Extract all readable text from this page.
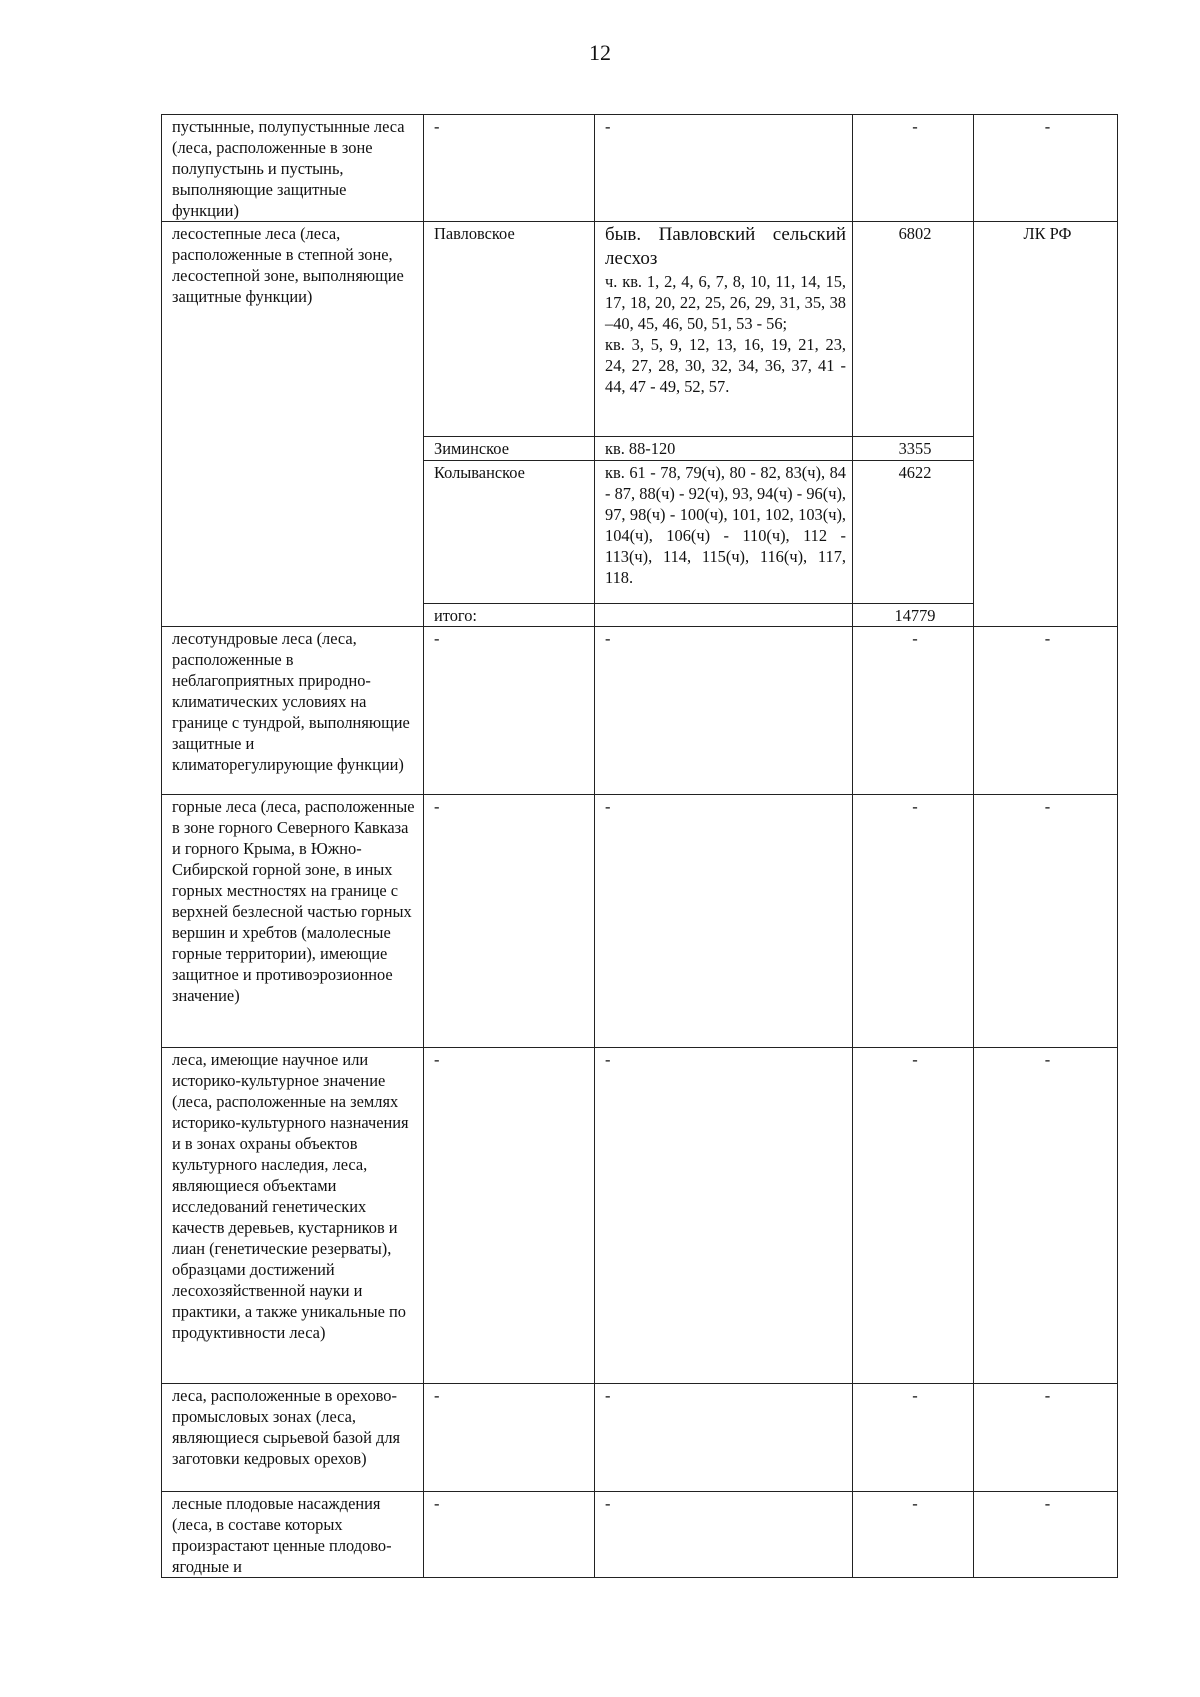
12
пустынные, полупустынные леса (леса, расположенные в зоне полупустынь и пустынь, выполняющие защитные функции)	-	-	-	-
лесостепные леса (леса, расположенные в степной зоне, лесостепной зоне, выполняющие защитные функции)	Павловское	быв. Павловский сельский лесхоз
ч. кв. 1, 2, 4, 6, 7, 8, 10, 11, 14, 15, 17, 18, 20, 22, 25, 26, 29, 31, 35, 38 –40, 45, 46, 50, 51, 53 - 56;
кв. 3, 5, 9, 12, 13, 16, 19, 21, 23, 24, 27, 28, 30, 32, 34, 36, 37, 41 - 44, 47 - 49, 52, 57.	6802	ЛК РФ
	Зиминское	кв. 88-120	3355	
	Колыванское	кв. 61 - 78, 79(ч), 80 - 82, 83(ч), 84 - 87, 88(ч) - 92(ч), 93, 94(ч) - 96(ч), 97, 98(ч) - 100(ч), 101, 102, 103(ч), 104(ч), 106(ч) - 110(ч), 112 - 113(ч), 114, 115(ч), 116(ч), 117, 118.	4622	
	итого:		14779	
лесотундровые леса (леса, расположенные в неблагоприятных природно-климатических условиях на границе с тундрой, выполняющие защитные и климаторегулирующие функции)	-	-	-	-
горные леса (леса, расположенные в зоне горного Северного Кавказа и горного Крыма, в Южно-Сибирской горной зоне, в иных горных местностях на границе с верхней безлесной частью горных вершин и хребтов (малолесные горные территории), имеющие защитное и противоэрозионное значение)	-	-	-	-
леса, имеющие научное или историко-культурное значение (леса, расположенные на землях историко-культурного назначения и в зонах охраны объектов культурного наследия, леса, являющиеся объектами исследований генетических качеств деревьев, кустарников и лиан (генетические резерваты), образцами достижений лесохозяйственной науки и практики, а также уникальные по продуктивности леса)	-	-	-	-
леса, расположенные в орехово-промысловых зонах (леса, являющиеся сырьевой базой для заготовки кедровых орехов)	-	-	-	-
лесные плодовые насаждения (леса, в составе которых произрастают ценные плодово-ягодные и	-	-	-	-
